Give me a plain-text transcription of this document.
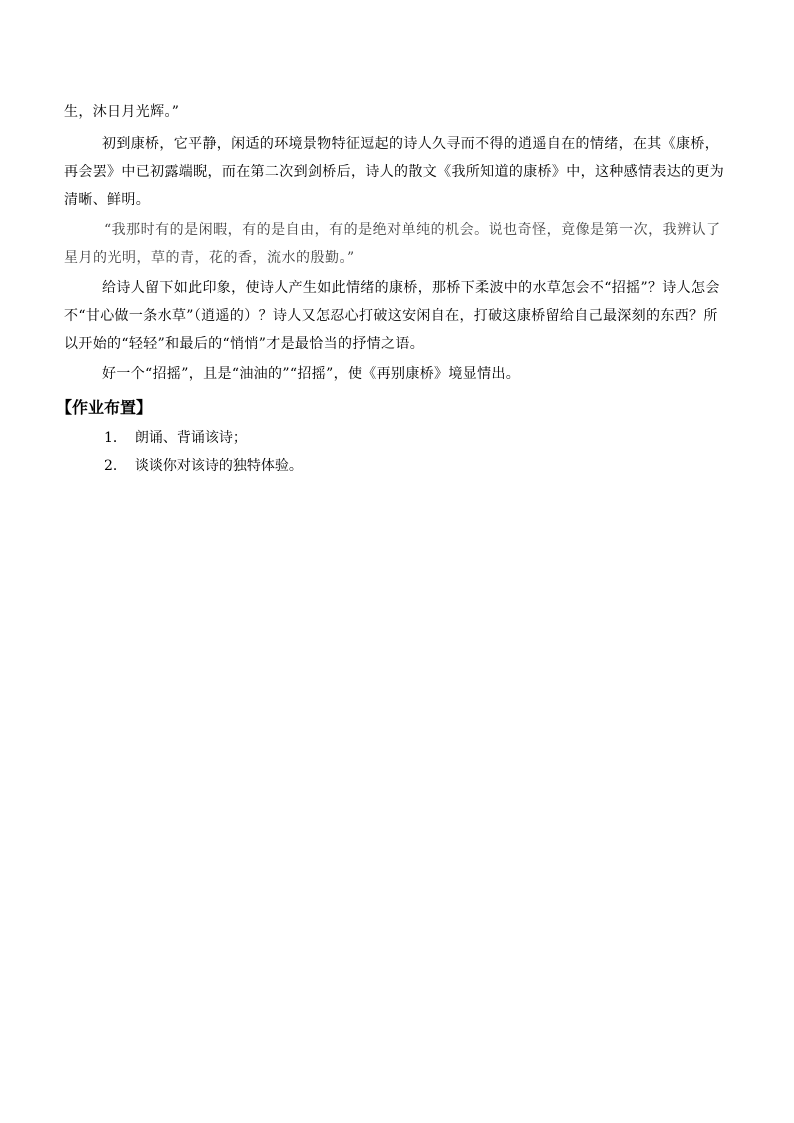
生，沐日月光辉。”

初到康桥，它平静，闲适的环境景物特征逗起的诗人久寻而不得的逍遥自在的情绪，在其《康桥，再会罢》中已初露端睨，而在第二次到剑桥后，诗人的散文《我所知道的康桥》中，这种感情表达的更为清晰、鲜明。

“我那时有的是闲暇，有的是自由，有的是绝对单纯的机会。说也奇怪，竟像是第一次，我辨认了星月的光明，草的青，花的香，流水的殷勤。”

给诗人留下如此印象，使诗人产生如此情绪的康桥，那桥下柔波中的水草怎会不“招摇”？诗人怎会不“甘心做一条水草”（逍遥的）？诗人又怎忍心打破这安闲自在，打破这康桥留给自己最深刻的东西？所以开始的“轻轻”和最后的“悄悄”才是最恰当的抒情之语。

好一个“招摇”，且是“油油的”“招摇”，使《再别康桥》境显情出。

【作业布置】

1． 朗诵、背诵该诗；

2． 谈谈你对该诗的独特体验。
